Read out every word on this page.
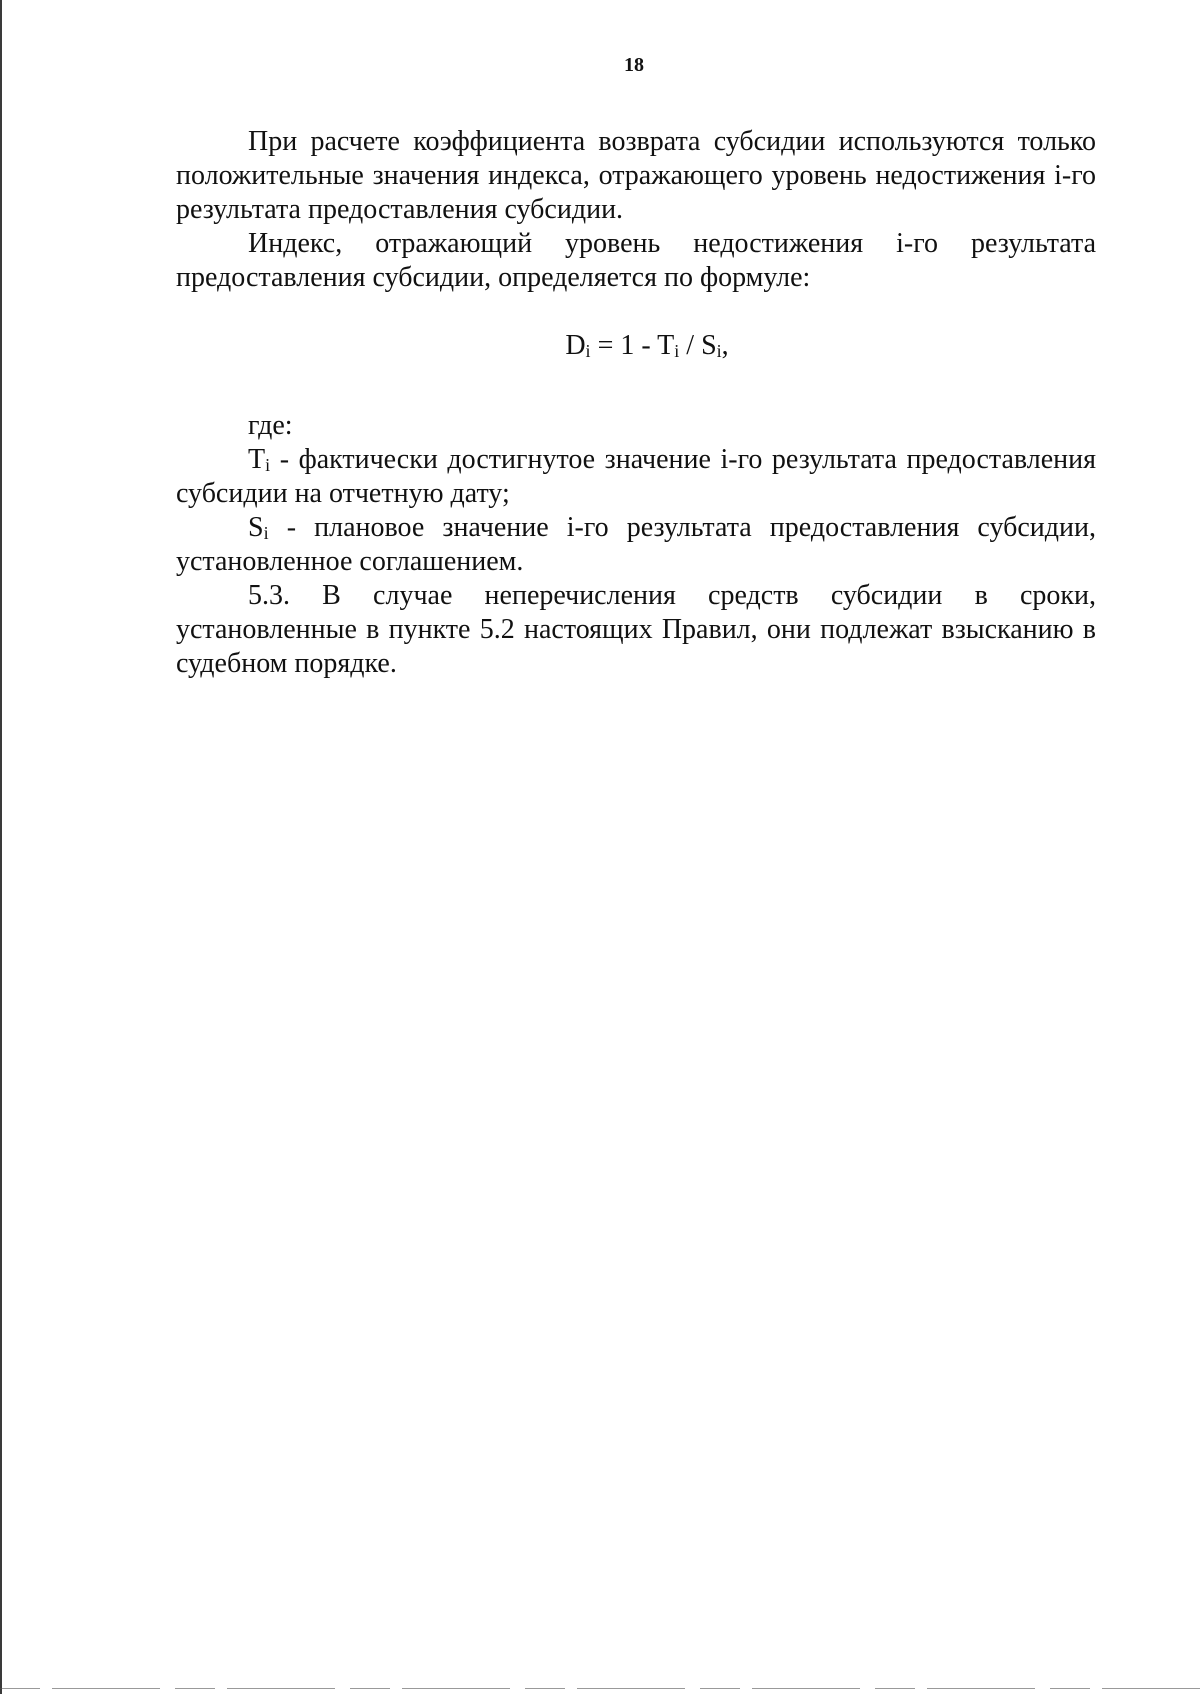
18

При расчете коэффициента возврата субсидии используются только положительные значения индекса, отражающего уровень недостижения i-го результата предоставления субсидии.

Индекс, отражающий уровень недостижения i-го результата предоставления субсидии, определяется по формуле:

$D_i = 1 - T_i / S_i$,

где:

$T_i$ - фактически достигнутое значение i-го результата предоставления субсидии на отчетную дату;

$S_i$ - плановое значение i-го результата предоставления субсидии, установленное соглашением.

5.3. В случае неперечисления средств субсидии в сроки, установленные в пункте 5.2 настоящих Правил, они подлежат взысканию в судебном порядке.
